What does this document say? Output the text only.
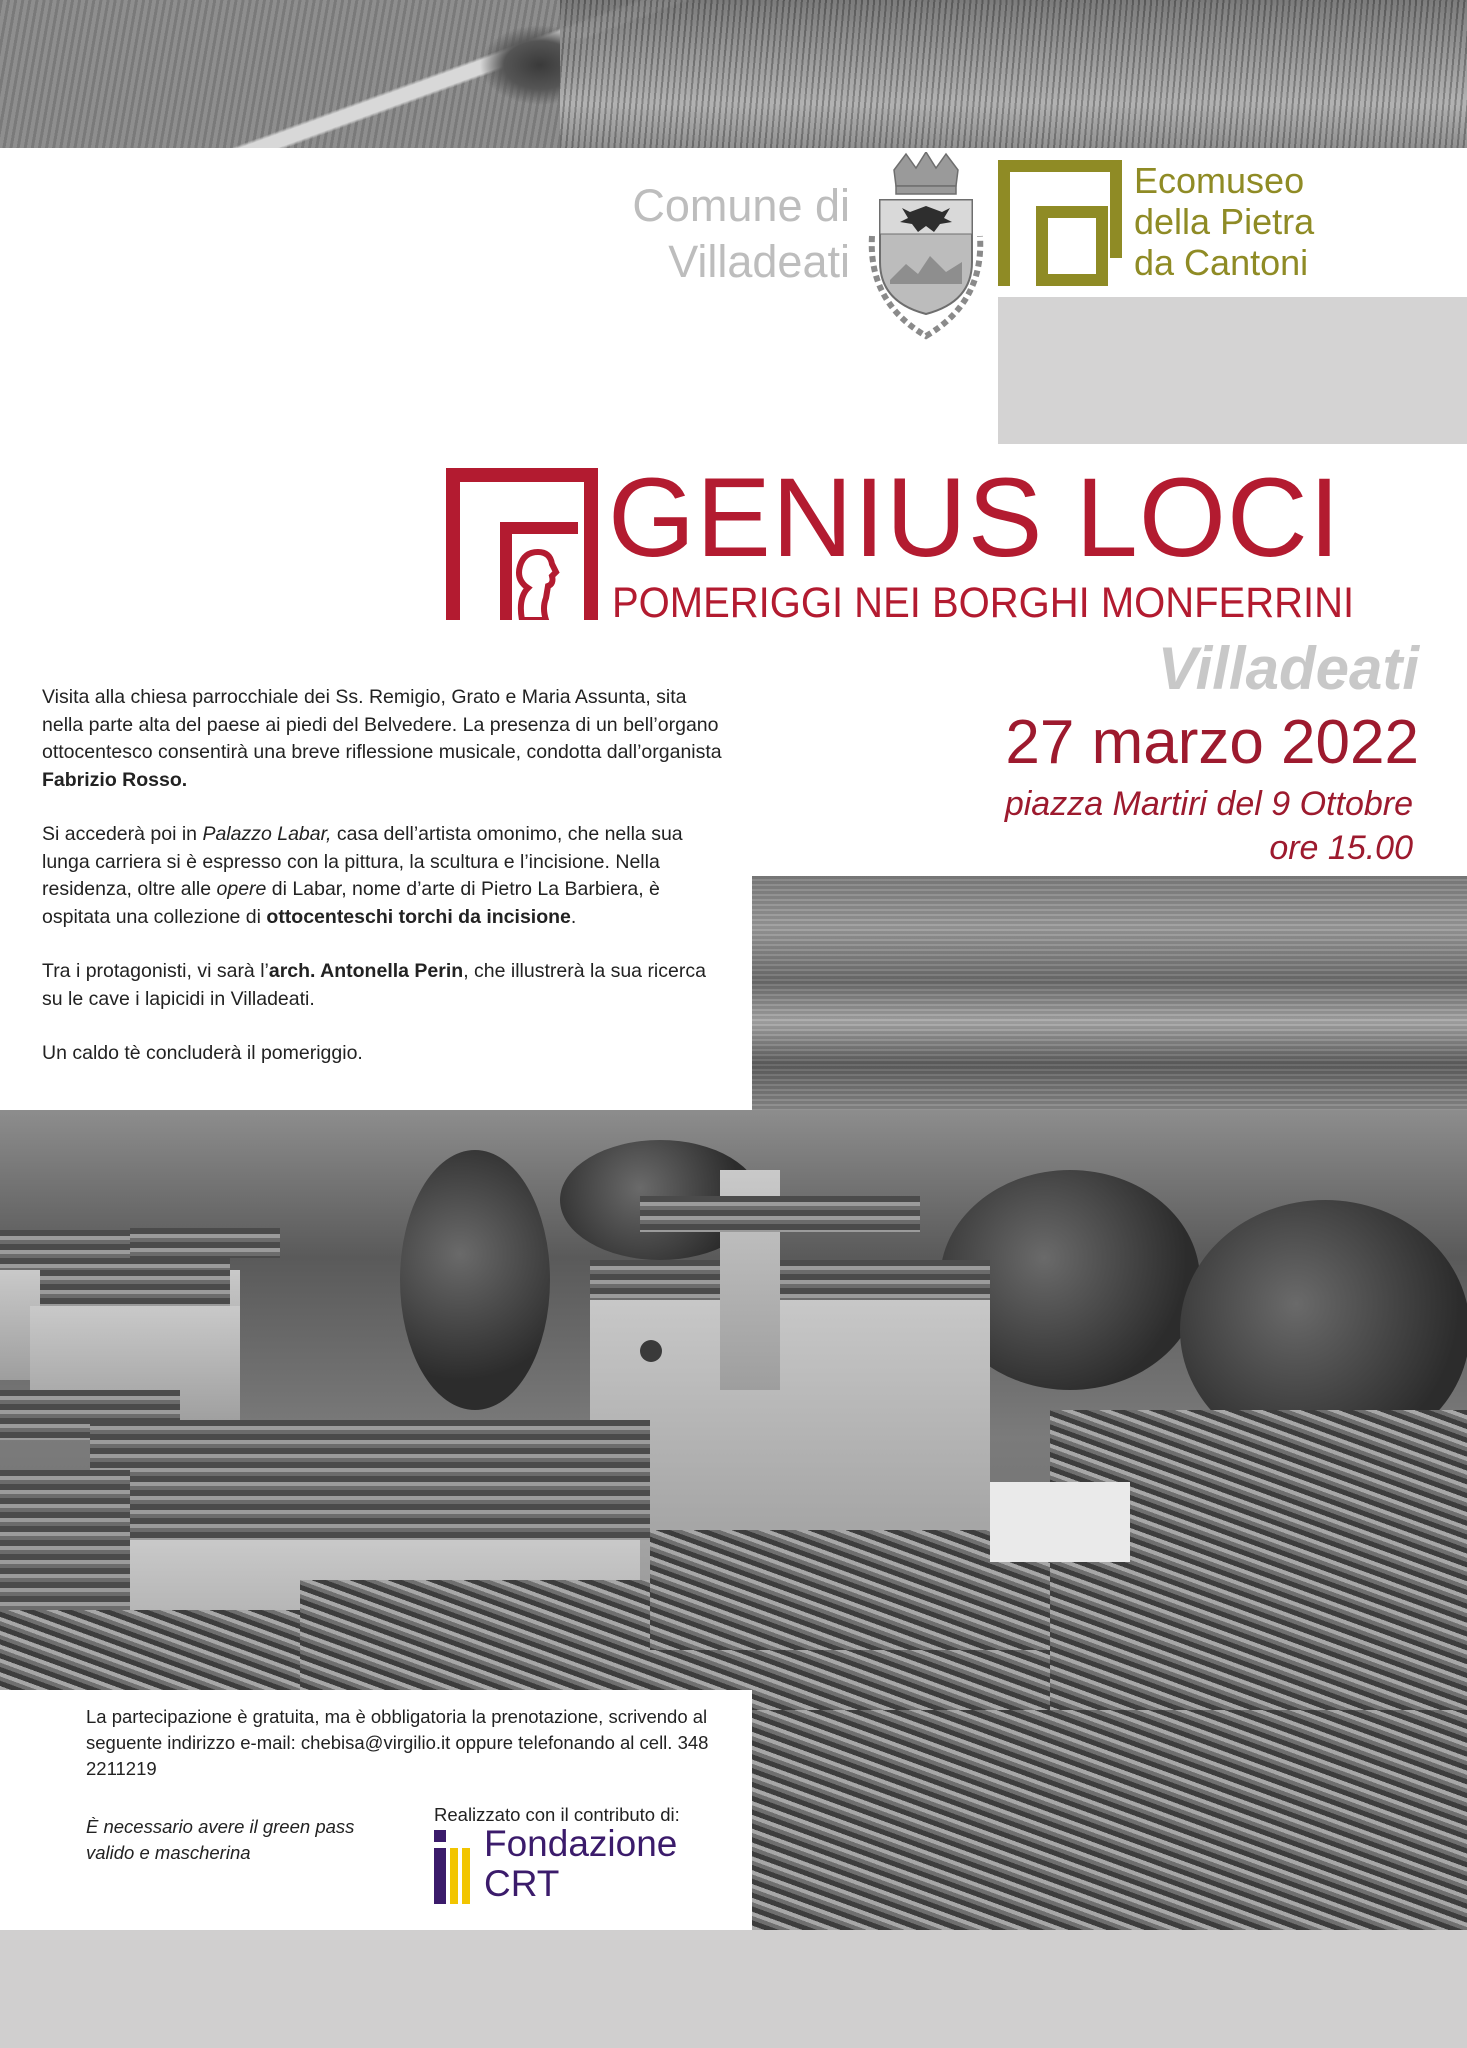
Comune di
Villadeati
Ecomuseo
della Pietra
da Cantoni
GENIUS LOCI
POMERIGGI NEI BORGHI MONFERRINI
Villadeati
27 marzo 2022
piazza Martiri del 9 Ottobre
ore 15.00

Visita alla chiesa parrocchiale dei Ss. Remigio, Grato e Maria Assunta, sita nella parte alta del paese ai piedi del Belvedere. La presenza di un bell’organo ottocentesco consentirà una breve riflessione musicale, condotta dall’organista Fabrizio Rosso.

Si accederà poi in Palazzo Labar, casa dell’artista omonimo, che nella sua lunga carriera si è espresso con la pittura, la scultura e l’incisione. Nella residenza, oltre alle opere di Labar, nome d’arte di Pietro La Barbiera, è ospitata una collezione di ottocenteschi torchi da incisione.

Tra i protagonisti, vi sarà l’arch. Antonella Perin, che illustrerà la sua ricerca su le cave i lapicidi in Villadeati.

Un caldo tè concluderà il pomeriggio.

La partecipazione è gratuita, ma è obbligatoria la prenotazione, scrivendo al seguente indirizzo e-mail: chebisa@virgilio.it oppure telefonando al cell. 348 2211219
È necessario avere il green pass valido e mascherina
Realizzato con il contributo di:
Fondazione
CRT
